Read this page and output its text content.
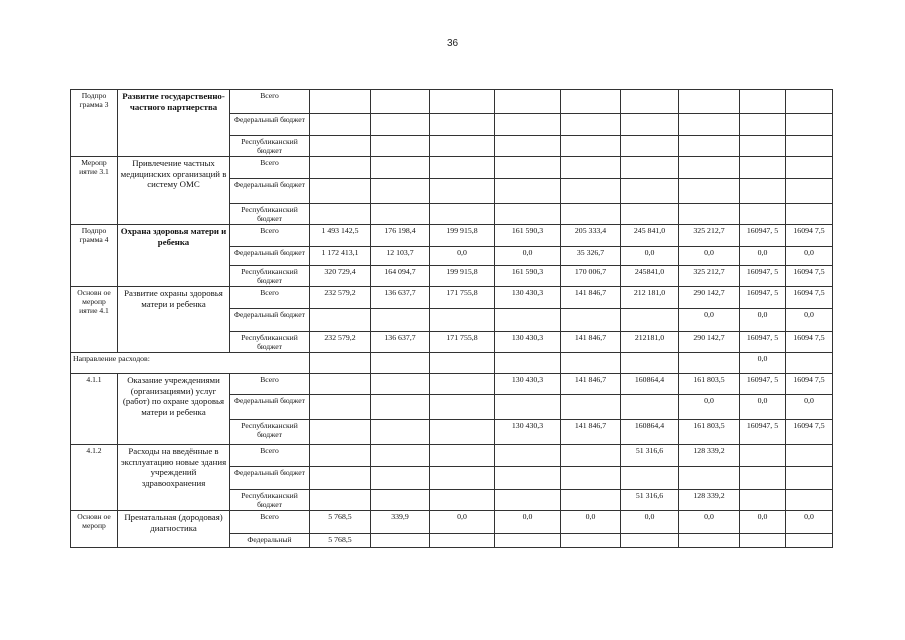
36
Подпро грамма 3	Развитие государственно-частного партнерства	Всего									
		Федеральный бюджет									
		Республиканский бюджет									
Меропр иятие 3.1	Привлечение частных медицинских организаций в систему ОМС	Всего									
		Федеральный бюджет									
		Республиканский бюджет									
Подпро грамма 4	Охрана здоровья матери и ребенка	Всего	1 493 142,5	176 198,4	199 915,8	161 590,3	205 333,4	245 841,0	325 212,7	160947, 5	16094 7,5
		Федеральный бюджет	1 172 413,1	12 103,7	0,0	0,0	35 326,7	0,0	0,0	0,0	0,0
		Республиканский бюджет	320 729,4	164 094,7	199 915,8	161 590,3	170 006,7	245841,0	325 212,7	160947, 5	16094 7,5
Основн ое меропр иятие 4.1	Развитие охраны здоровья матери и ребенка	Всего	232 579,2	136 637,7	171 755,8	130 430,3	141 846,7	212 181,0	290 142,7	160947, 5	16094 7,5
		Федеральный бюджет							0,0	0,0	0,0
		Республиканский бюджет	232 579,2	136 637,7	171 755,8	130 430,3	141 846,7	212181,0	290 142,7	160947, 5	16094 7,5
Направление расходов:										0,0	
4.1.1	Оказание учреждениями (организациями) услуг (работ) по охране здоровья матери и ребенка	Всего				130 430,3	141 846,7	160864,4	161 803,5	160947, 5	16094 7,5
		Федеральный бюджет							0,0	0,0	0,0
		Республиканский бюджет				130 430,3	141 846,7	160864,4	161 803,5	160947, 5	16094 7,5
4.1.2	Расходы на введённые в эксплуатацию новые здания учреждений здравоохранения	Всего						51 316,6	128 339,2		
		Федеральный бюджет									
		Республиканский бюджет						51 316,6	128 339,2		
Основн ое меропр	Пренатальная (дородовая) диагностика	Всего	5 768,5	339,9	0,0	0,0	0,0	0,0	0,0	0,0	0,0
		Федеральный	5 768,5								
